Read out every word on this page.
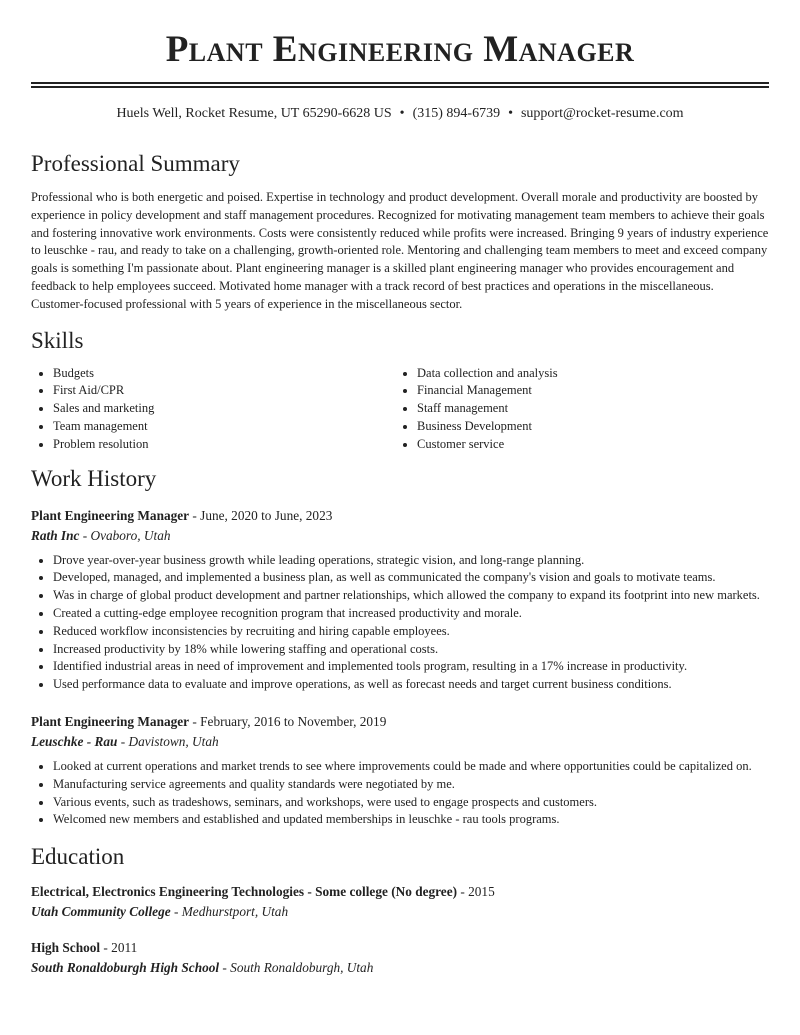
Plant Engineering Manager
Huels Well, Rocket Resume, UT 65290-6628 US • (315) 894-6739 • support@rocket-resume.com
Professional Summary

Professional who is both energetic and poised. Expertise in technology and product development. Overall morale and productivity are boosted by experience in policy development and staff management procedures. Recognized for motivating management team members to achieve their goals and fostering innovative work environments. Costs were consistently reduced while profits were increased. Bringing 9 years of industry experience to leuschke - rau, and ready to take on a challenging, growth-oriented role. Mentoring and challenging team members to meet and exceed company goals is something I'm passionate about. Plant engineering manager is a skilled plant engineering manager who provides encouragement and feedback to help employees succeed. Motivated home manager with a track record of best practices and operations in the miscellaneous. Customer-focused professional with 5 years of experience in the miscellaneous sector.

Skills
• Budgets
• First Aid/CPR
• Sales and marketing
• Team management
• Problem resolution
• Data collection and analysis
• Financial Management
• Staff management
• Business Development
• Customer service
Work History
Plant Engineering Manager - June, 2020 to June, 2023
Rath Inc - Ovaboro, Utah
• Drove year-over-year business growth while leading operations, strategic vision, and long-range planning.
• Developed, managed, and implemented a business plan, as well as communicated the company's vision and goals to motivate teams.
• Was in charge of global product development and partner relationships, which allowed the company to expand its footprint into new markets.
• Created a cutting-edge employee recognition program that increased productivity and morale.
• Reduced workflow inconsistencies by recruiting and hiring capable employees.
• Increased productivity by 18% while lowering staffing and operational costs.
• Identified industrial areas in need of improvement and implemented tools program, resulting in a 17% increase in productivity.
• Used performance data to evaluate and improve operations, as well as forecast needs and target current business conditions.
Plant Engineering Manager - February, 2016 to November, 2019
Leuschke - Rau - Davistown, Utah
• Looked at current operations and market trends to see where improvements could be made and where opportunities could be capitalized on.
• Manufacturing service agreements and quality standards were negotiated by me.
• Various events, such as tradeshows, seminars, and workshops, were used to engage prospects and customers.
• Welcomed new members and established and updated memberships in leuschke - rau tools programs.
Education
Electrical, Electronics Engineering Technologies - Some college (No degree) - 2015
Utah Community College - Medhurstport, Utah
High School - 2011
South Ronaldoburgh High School - South Ronaldoburgh, Utah
